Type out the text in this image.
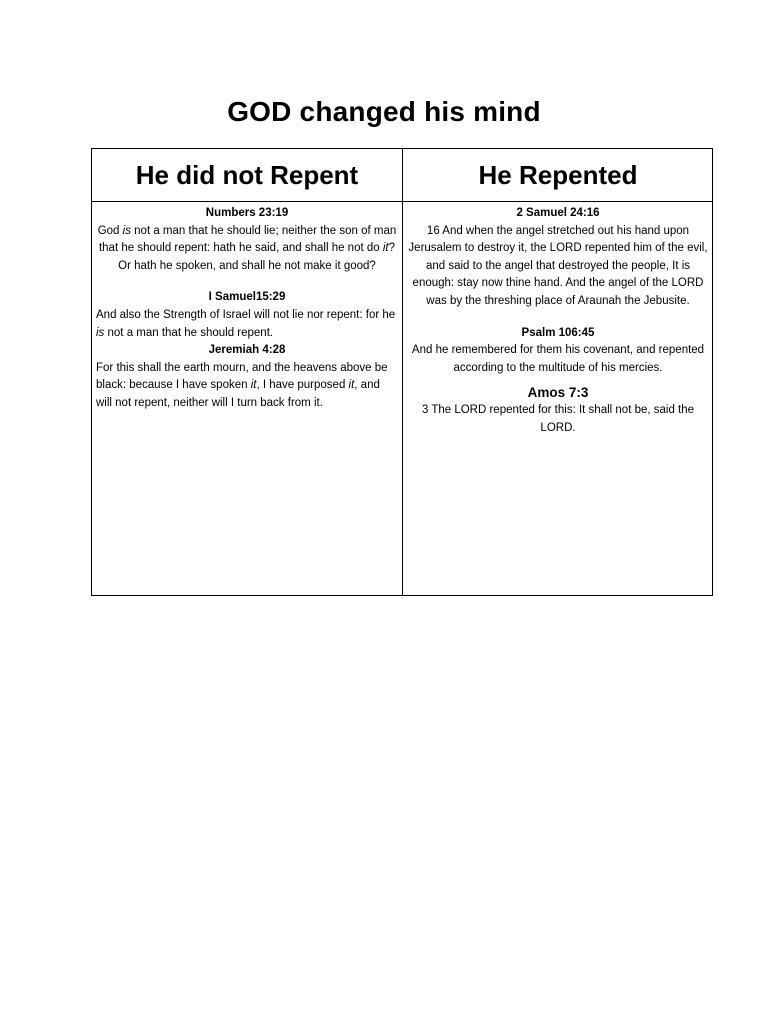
GOD changed his mind
He did not Repent	He Repented
Numbers 23:19
God is not a man that he should lie; neither the son of man that he should repent: hath he said, and shall he not do it? Or hath he spoken, and shall he not make it good?
I Samuel15:29
And also the Strength of Israel will not lie nor repent: for he is not a man that he should repent.
Jeremiah 4:28
For this shall the earth mourn, and the heavens above be black: because I have spoken it, I have purposed it, and will not repent, neither will I turn back from it.
2 Samuel 24:16
16 And when the angel stretched out his hand upon Jerusalem to destroy it, the LORD repented him of the evil, and said to the angel that destroyed the people, It is enough: stay now thine hand. And the angel of the LORD was by the threshing place of Araunah the Jebusite.
Psalm 106:45
And he remembered for them his covenant, and repented according to the multitude of his mercies.
Amos 7:3
3 The LORD repented for this: It shall not be, said the LORD.
